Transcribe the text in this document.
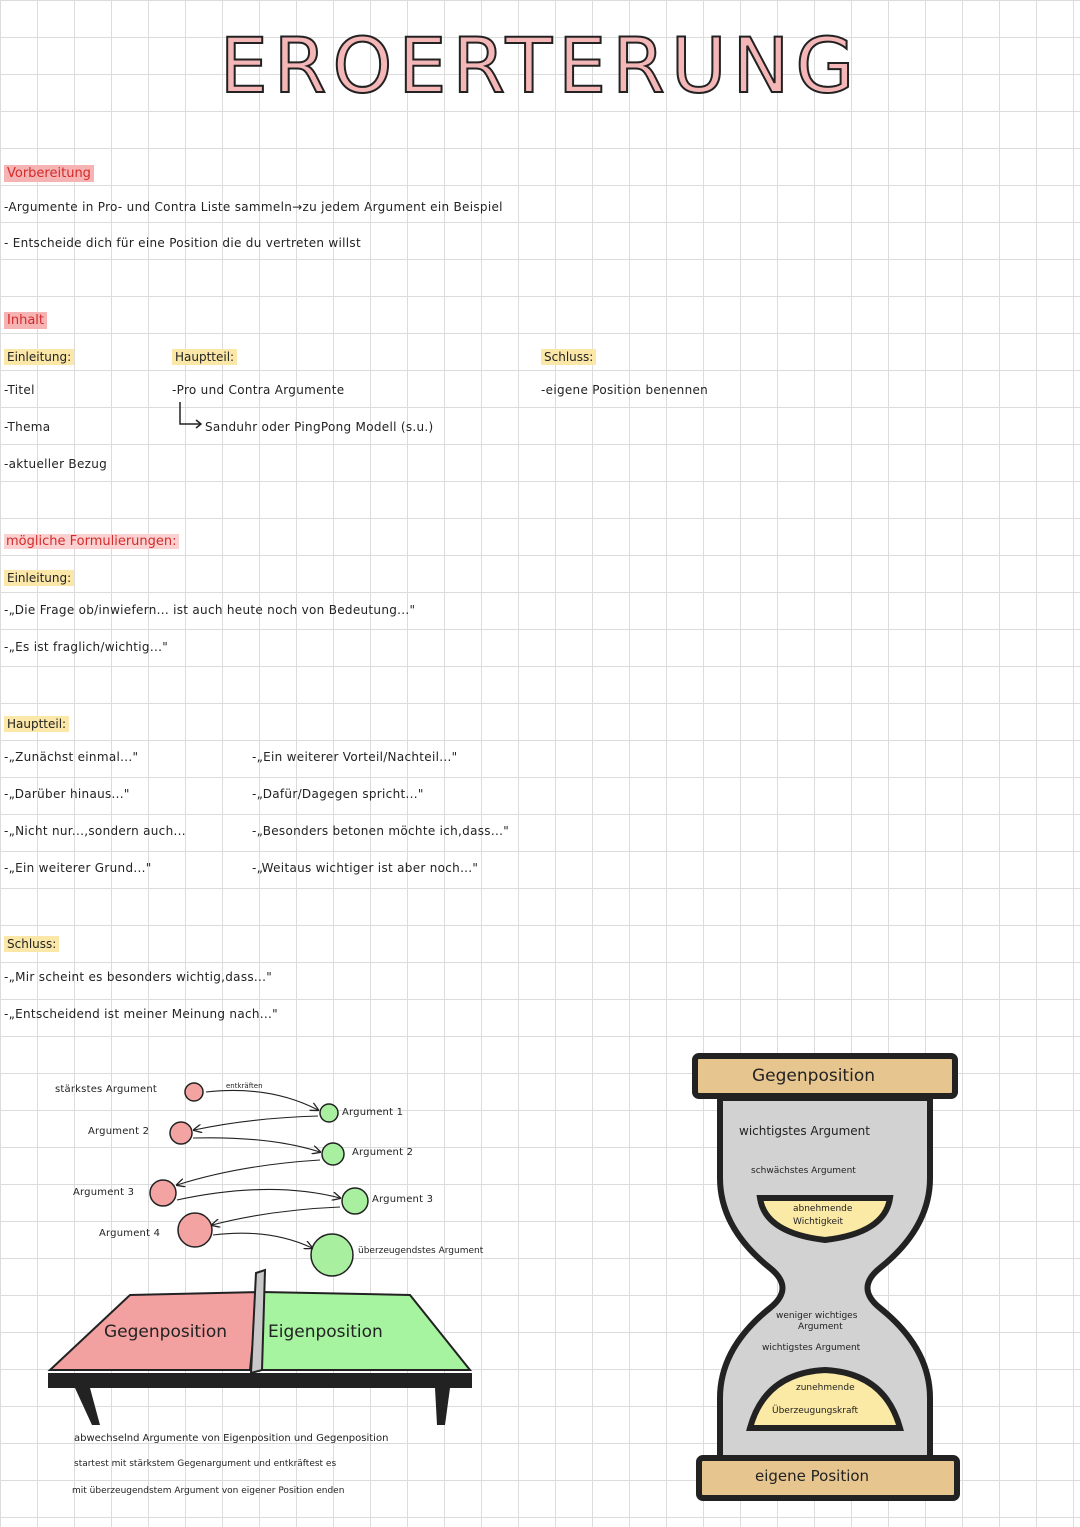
EROERTERUNG
Vorbereitung
-Argumente in Pro- und Contra Liste sammeln→zu jedem Argument ein Beispiel
- Entscheide dich für eine Position die du vertreten willst
Inhalt
Einleitung:
-Titel
-Thema
-aktueller Bezug
Hauptteil:
-Pro und Contra Argumente
Sanduhr oder PingPong Modell (s.u.)
Schluss:
-eigene Position benennen
mögliche Formulierungen:
Einleitung:
-„Die Frage ob/inwiefern... ist auch heute noch von Bedeutung..."
-„Es ist fraglich/wichtig..."
Hauptteil:
-„Zunächst einmal..."
-„Darüber hinaus..."
-„Nicht nur...,sondern auch...
-„Ein weiterer Grund..."
-„Ein weiterer Vorteil/Nachteil..."
-„Dafür/Dagegen spricht..."
-„Besonders betonen möchte ich,dass..."
-„Weitaus wichtiger ist aber noch..."
Schluss:
-„Mir scheint es besonders wichtig,dass..."
-„Entscheidend ist meiner Meinung nach..."
stärkstes Argument
Argument 2
Argument 3
Argument 4
entkräften
Argument 1
Argument 2
Argument 3
überzeugendstes Argument
Gegenposition Eigenposition
abwechselnd Argumente von Eigenposition und Gegenposition
startest mit stärkstem Gegenargument und entkräftest es
mit überzeugendstem Argument von eigener Position enden
Gegenposition
wichtigstes Argument
schwächstes Argument
abnehmende
Wichtigkeit
weniger wichtiges
Argument
wichtigstes Argument
zunehmende
Überzeugungskraft
eigene Position
